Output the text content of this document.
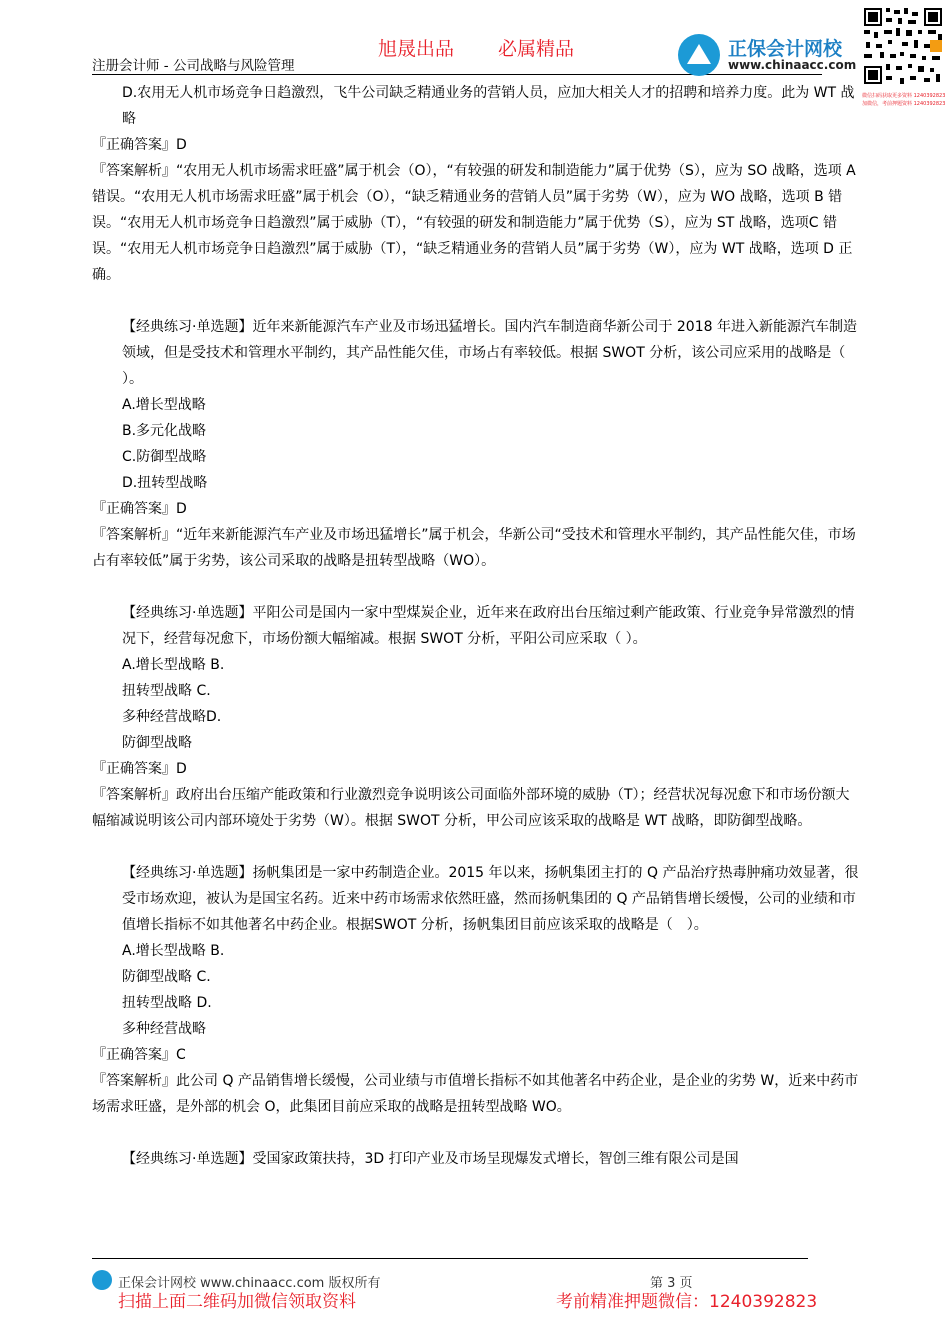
旭晟出品 必属精品
注册会计师 - 公司战略与风险管理
正保会计网校
www.chinaacc.com
微信扫码获取更多资料 1240392823
加微信，考前押题资料 1240392823

D.农用无人机市场竞争日趋激烈，飞牛公司缺乏精通业务的营销人员，应加大相关人才的招聘和培养力度。此为 WT 战略

『正确答案』D

『答案解析』“农用无人机市场需求旺盛”属于机会（O），“有较强的研发和制造能力”属于优势（S），应为 SO 战略，选项 A 错误。“农用无人机市场需求旺盛”属于机会（O），“缺乏精通业务的营销人员”属于劣势（W），应为 WO 战略，选项 B 错误。“农用无人机市场竞争日趋激烈”属于威胁（T），“有较强的研发和制造能力”属于优势（S），应为 ST 战略，选项C 错误。“农用无人机市场竞争日趋激烈”属于威胁（T），“缺乏精通业务的营销人员”属于劣势（W），应为 WT 战略，选项 D 正确。

【经典练习·单选题】近年来新能源汽车产业及市场迅猛增长。国内汽车制造商华新公司于 2018 年进入新能源汽车制造领域，但是受技术和管理水平制约，其产品性能欠佳，市场占有率较低。根据 SWOT 分析，该公司应采用的战略是（ ）。

A.增长型战略

B.多元化战略

C.防御型战略

D.扭转型战略

『正确答案』D

『答案解析』“近年来新能源汽车产业及市场迅猛增长”属于机会，华新公司“受技术和管理水平制约，其产品性能欠佳，市场占有率较低”属于劣势，该公司采取的战略是扭转型战略（WO）。

【经典练习·单选题】平阳公司是国内一家中型煤炭企业，近年来在政府出台压缩过剩产能政策、行业竞争异常激烈的情况下，经营每况愈下，市场份额大幅缩减。根据 SWOT 分析，平阳公司应采取（ ）。

A.增长型战略 B.

扭转型战略 C.

多种经营战略D.

防御型战略

『正确答案』D

『答案解析』政府出台压缩产能政策和行业激烈竞争说明该公司面临外部环境的威胁（T）；经营状况每况愈下和市场份额大幅缩减说明该公司内部环境处于劣势（W）。根据 SWOT 分析，甲公司应该采取的战略是 WT 战略，即防御型战略。

【经典练习·单选题】扬帆集团是一家中药制造企业。2015 年以来，扬帆集团主打的 Q 产品治疗热毒肿痛功效显著，很受市场欢迎，被认为是国宝名药。近来中药市场需求依然旺盛，然而扬帆集团的 Q 产品销售增长缓慢，公司的业绩和市值增长指标不如其他著名中药企业。根据SWOT 分析，扬帆集团目前应该采取的战略是（　）。

A.增长型战略 B.

防御型战略 C.

扭转型战略 D.

多种经营战略

『正确答案』C

『答案解析』此公司 Q 产品销售增长缓慢，公司业绩与市值增长指标不如其他著名中药企业，是企业的劣势 W，近来中药市场需求旺盛，是外部的机会 O，此集团目前应采取的战略是扭转型战略 WO。

【经典练习·单选题】受国家政策扶持，3D 打印产业及市场呈现爆发式增长，智创三维有限公司是国

正保会计网校 www.chinaacc.com 版权所有	第 3 页
扫描上面二维码加微信领取资料	考前精准押题微信：1240392823
